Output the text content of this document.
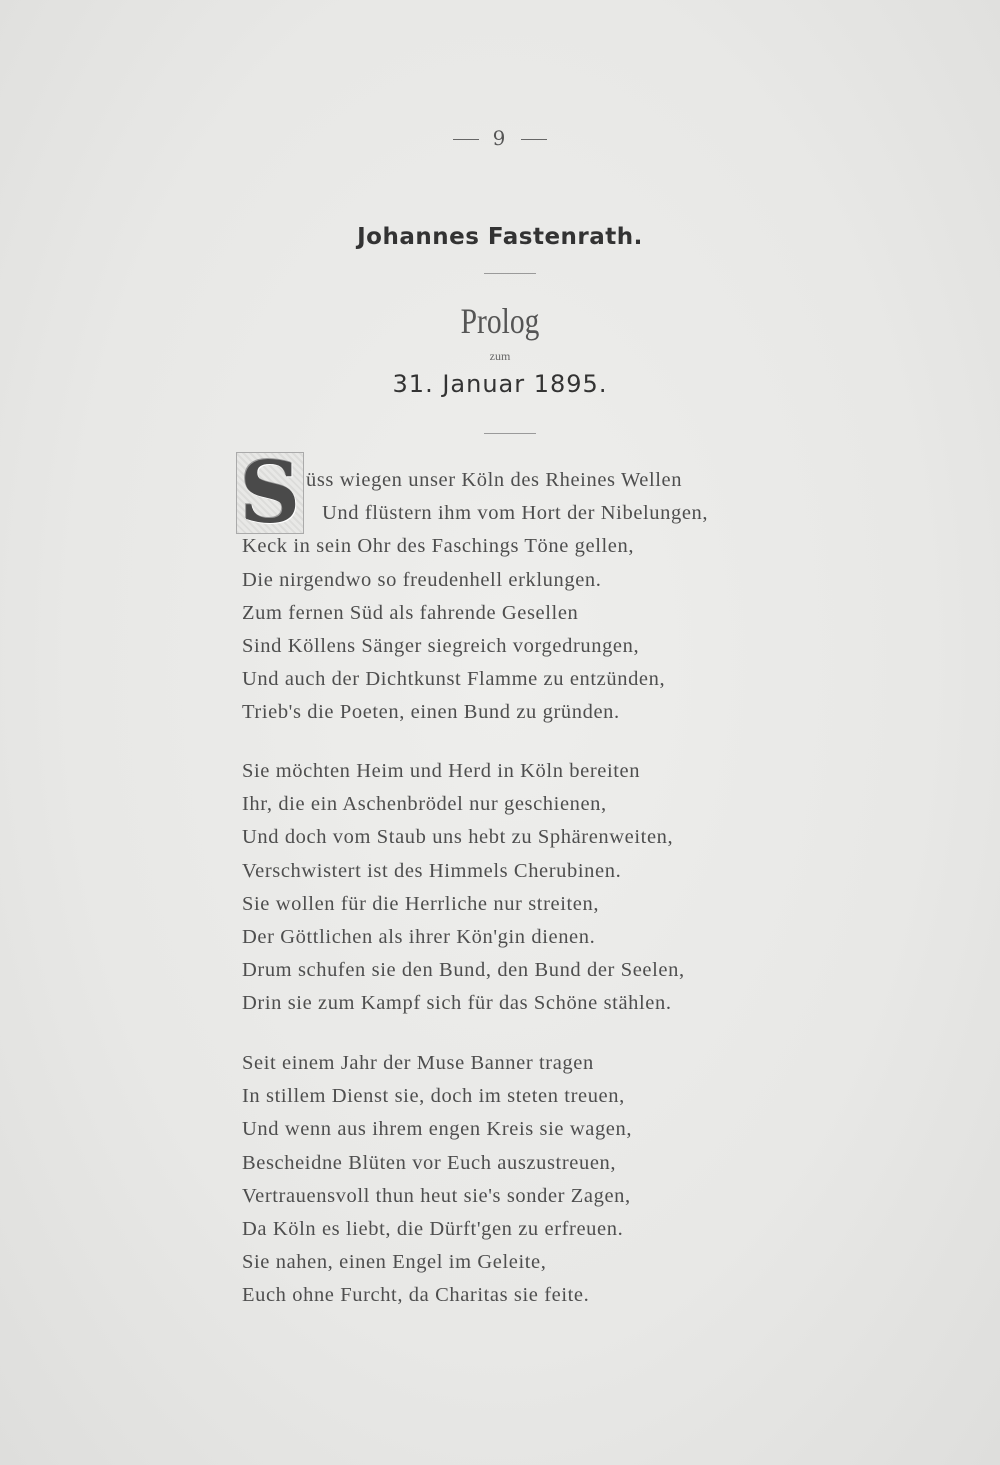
9
Johannes Fastenrath.
Prolog
zum
31. Januar 1895.
S üss wiegen unser Köln des Rheines Wellen
Und flüstern ihm vom Hort der Nibelungen,
Keck in sein Ohr des Faschings Töne gellen,
Die nirgendwo so freudenhell erklungen.
Zum fernen Süd als fahrende Gesellen
Sind Köllens Sänger siegreich vorgedrungen,
Und auch der Dichtkunst Flamme zu entzünden,
Trieb's die Poeten, einen Bund zu gründen.
Sie möchten Heim und Herd in Köln bereiten
Ihr, die ein Aschenbrödel nur geschienen,
Und doch vom Staub uns hebt zu Sphärenweiten,
Verschwistert ist des Himmels Cherubinen.
Sie wollen für die Herrliche nur streiten,
Der Göttlichen als ihrer Kön'gin dienen.
Drum schufen sie den Bund, den Bund der Seelen,
Drin sie zum Kampf sich für das Schöne stählen.
Seit einem Jahr der Muse Banner tragen
In stillem Dienst sie, doch im steten treuen,
Und wenn aus ihrem engen Kreis sie wagen,
Bescheidne Blüten vor Euch auszustreuen,
Vertrauensvoll thun heut sie's sonder Zagen,
Da Köln es liebt, die Dürft'gen zu erfreuen.
Sie nahen, einen Engel im Geleite,
Euch ohne Furcht, da Charitas sie feite.
